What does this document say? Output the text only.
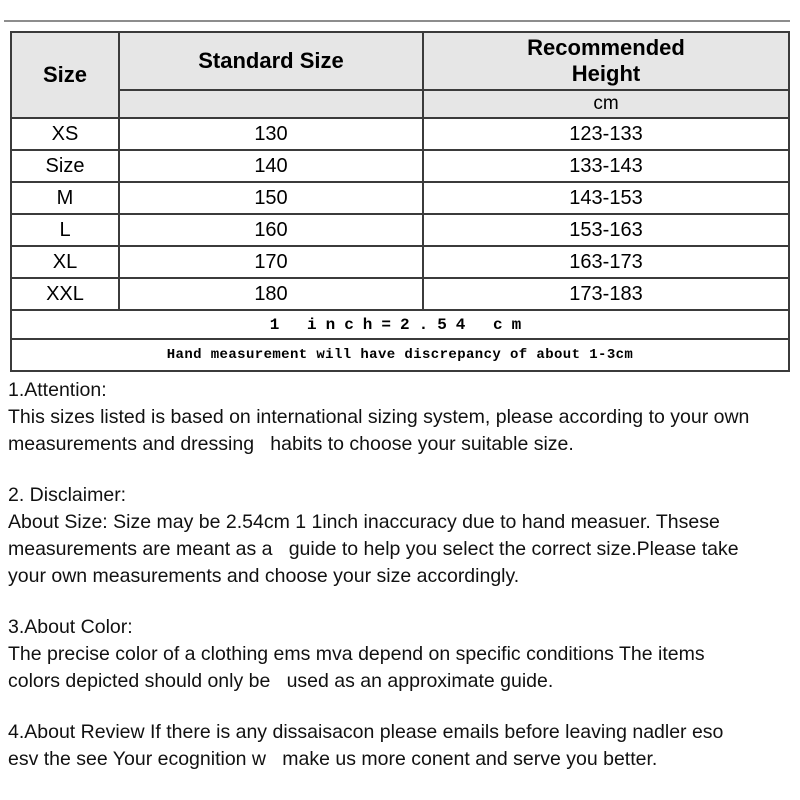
Size	Standard Size	Recommended Height
		cm
XS	130	123-133
Size	140	133-143
M	150	143-153
L	160	153-163
XL	170	163-173
XXL	180	173-183
1 inch=2.54 cm		
Hand measurement will have discrepancy of about 1-3cm		
1.Attention:
This sizes listed is based on international sizing system, please according to your own
measurements and dressing   habits to choose your suitable size.
2. Disclaimer:
About Size: Size may be 2.54cm 1 1inch inaccuracy due to hand measuer. Thsese
measurements are meant as a   guide to help you select the correct size.Please take
your own measurements and choose your size accordingly.
3.About Color:
The precise color of a clothing ems mva depend on specific conditions The items
colors depicted should only be   used as an approximate guide.
4.About Review If there is any dissaisacon please emails before leaving nadler eso
esv the see Your ecognition w   make us more conent and serve you better.
